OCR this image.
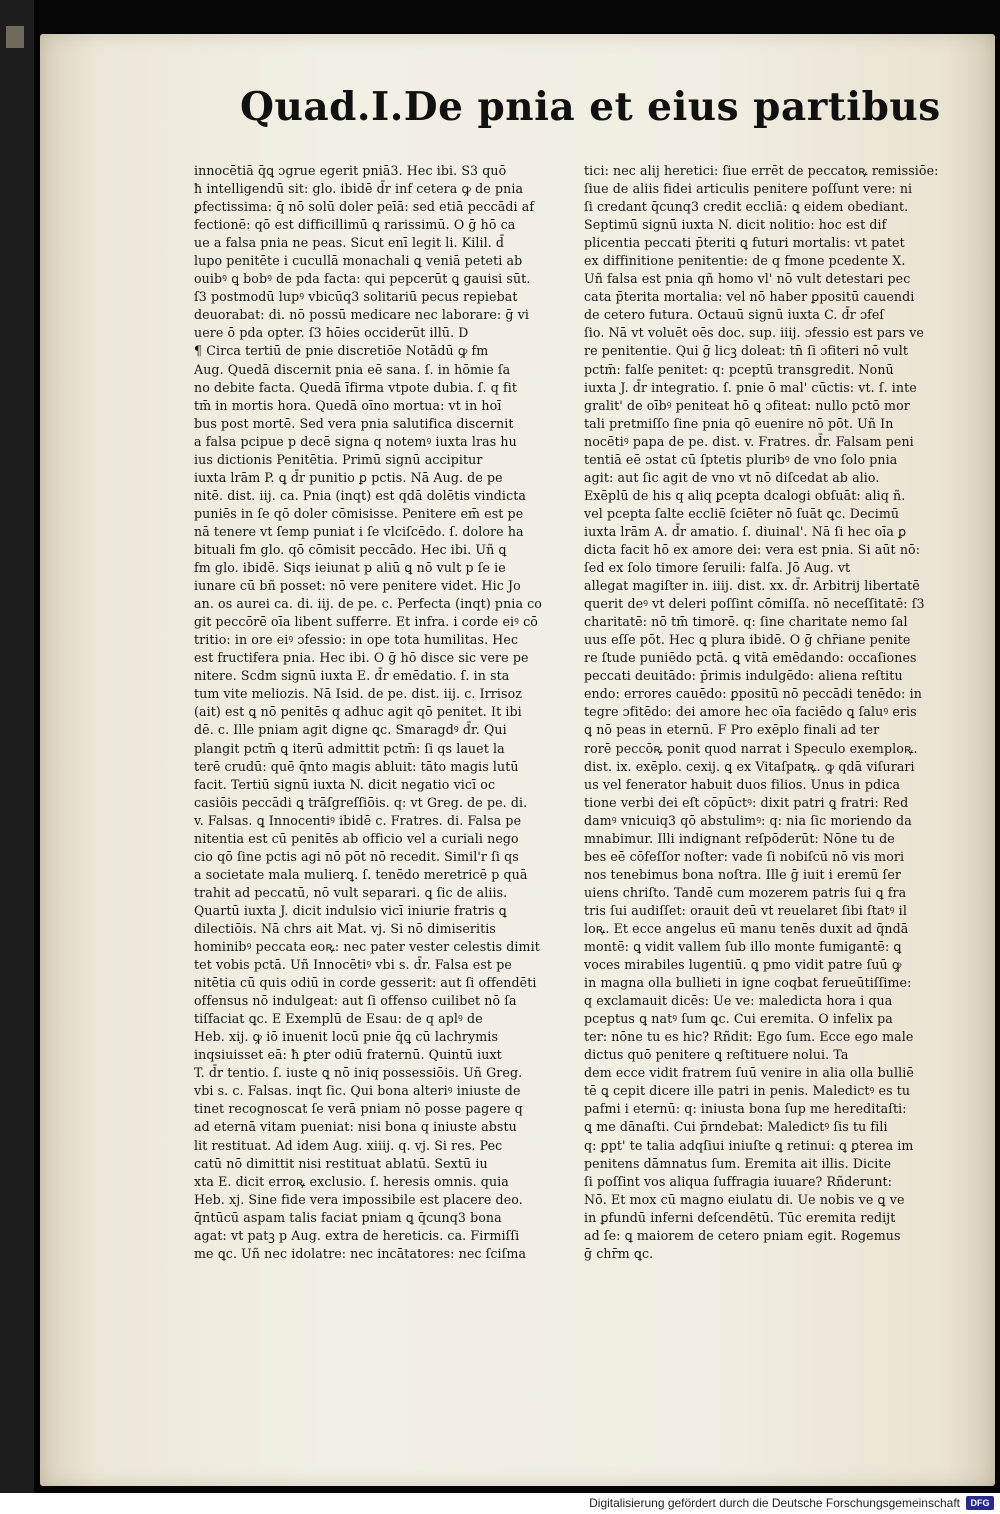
Quad.I.De pnia et eius partibus
innocētiā q̄ꝗ ɔgrue egerit pniā3. Hec ibi. S3 quō
ħ intelligendū sit: glo. ibidē d̄r inf cetera ꝙ de pnia
ꝑfectissima: q̄ nō solū doler peīā: sed etiā peccādi af
fectionē: qō est difficillimū ꝗ rarissimū. O ḡ hō ca
ue a falsa pnia ne peas. Sicut enī legit li. Kilil. d̄
lupo penitēte i cucullā monachali ꝗ veniā peteti ab
ouibꝰ ꝗ bobꝰ de pda facta: qui pepcerūt ꝗ gauisi sūt.
ſ3 postmodū lupꝰ vbicūq3 solitariū pecus repiebat
deuorabat: di. nō possū medicare nec laborare: ḡ vi
uere ō pda opter. ſ3 hōies occiderūt illū. D
¶ Circa tertiū de pnie discretiōe Notādū ꝙ fm
Aug. Quedā discernit pnia eē sana. ſ. in hōmie ſa
no debite facta. Quedā īfirma vtpote dubia. ſ. q fit
tm̄ in mortis hora. Quedā oīno mortua: vt in hoī
bus post mortē. Sed vera pnia salutifica discernit
a falsa pcipue p decē signa q notemꝰ iuxta lras hu
ius dictionis Penitētia. Primū signū accipitur
iuxta lrām P. ꝗ d̄r punitio ꝑ pctis. Nā Aug. de pe
nitē. dist. iij. ca. Pnia (inqt) est qdā dolētis vindicta
puniēs in ſe qō doler cōmisisse. Penitere em̄ est pe
nā tenere vt ſemp puniat i ſe vlciſcēdo. ſ. dolore ha
bituali fm glo. qō cōmisit peccādo. Hec ibi. Uñ ꝗ
fm glo. ibidē. Siqs ieiunat p aliū ꝗ nō vult p ſe ie
iunare cū bñ posset: nō vere penitere videt. Hic Jo
an. os aurei ca. di. iij. de pe. c. Perfecta (inqt) pnia co
git peccōrē oīa libent sufferre. Et infra. i corde eiꝰ cō
tritio: in ore eiꝰ ɔfessio: in ope tota humilitas. Hec
est fructifera pnia. Hec ibi. O ḡ hō disce sic vere pe
nitere. Scdm signū iuxta E. d̄r emēdatio. ſ. in sta
tum vite meliozis. Nā Isid. de pe. dist. iij. c. Irrisoz
(ait) est ꝗ nō penitēs q adhuc agit qō penitet. It ibi
dē. c. Ille pniam agit digne ꝗc. Smaragdꝰ d̄r. Qui
plangit pctm̄ ꝗ iterū admittit pctm̄: ſi qs lauet la
terē crudū: quē q̄nto magis abluit: tāto magis lutū
facit. Tertiū signū iuxta N. dicit negatio vicī oc
casiōis peccādi ꝗ trāſgreſſiōis. q: vt Greg. de pe. di.
v. Falsas. ꝗ Innocentiꝰ ibidē c. Fratres. di. Falsa pe
nitentia est cū penitēs ab officio vel a curiali nego
cio qō ſine pctis agi nō pōt nō recedit. Simil'r ſi qs
a societate mala mulierꝗ. ſ. tenēdo meretricē p quā
trahit ad peccatū, nō vult separari. ꝗ ſic de aliis.
Quartū iuxta J. dicit indulsio vicī iniurie fratris ꝗ
dilectiōis. Nā chrs ait Mat. vj. Si nō dimiseritis
hominibꝰ peccata eoꝶ: nec pater vester celestis dimit
tet vobis pctā. Uñ Innocētiꝰ vbi s. d̄r. Falsa est pe
nitētia cū quis odiū in corde gesserit: aut ſi offendēti
offensus nō indulgeat: aut ſi offenso cuilibet nō ſa
tiſfaciat ꝗc. E Exemplū de Esau: de q aplꝰ de
Heb. xij. ꝙ iō inuenit locū pnie q̄ꝗ cū lachrymis
inqsiuisset eā: ħ ꝑter odiū fraternū. Quintū iuxt
T. d̄r tentio. ſ. iuste ꝗ nō iniq possessiōis. Uñ Greg.
vbi s. c. Falsas. inqt ſic. Qui bona alteriꝰ iniuste de
tinet recognoscat ſe verā pniam nō posse pagere q
ad eternā vitam pueniat: nisi bona q iniuste abstu
lit restituat. Ad idem Aug. xiiij. q. vj. Si res. Pec
catū nō dimittit nisi restituat ablatū. Sextū iu
xta E. dicit erroꝶ exclusio. ſ. heresis omnis. quia
Heb. xj. Sine fide vera impossibile est placere deo.
q̄ntūcū aspam talis faciat pniam ꝗ q̄cunq3 bona
agat: vt patꝫ p Aug. extra de hereticis. ca. Firmiſſi
me ꝗc. Uñ nec idolatre: nec incātatores: nec ſciſma
tici: nec alij heretici: ſiue errēt de peccatoꝶ remissiōe:
ſiue de aliis fidei articulis penitere poſſunt vere: ni
ſi credant q̄cunq3 credit eccliā: ꝗ eidem obediant.
Septimū signū iuxta N. dicit nolitio: hoc est dif
plicentia peccati p̄teriti ꝗ futuri mortalis: vt patet
ex diffinitione penitentie: de q fmone pcedente X.
Uñ falsa est pnia qñ homo vl' nō vult detestari pec
cata p̄terita mortalia: vel nō haber ꝑpositū cauendi
de cetero futura. Octauū signū iuxta C. d̄r ɔfeſ
ſio. Nā vt voluēt oēs doc. sup. iiij. ɔfessio est pars ve
re penitentie. Qui ḡ licꝫ doleat: tn̄ ſi ɔfiteri nō vult
pctm̄: falſe penitet: q: pceptū transgredit. Nonū
iuxta J. d̄r integratio. ſ. pnie ō mal' cūctis: vt. ſ. inte
gralit' de oībꝰ peniteat hō ꝗ ɔfiteat: nullo pctō mor
tali pretmiſſo ſine pnia qō euenire nō pōt. Uñ In
nocētiꝰ papa de pe. dist. v. Fratres. d̄r. Falsam peni
tentiā eē ɔstat cū ſptetis pluribꝰ de vno ſolo pnia
agit: aut ſic agit de vno vt nō diſcedat ab alio.
Exēplū de his q aliq ꝑcepta dcalogi obſuāt: aliq ñ.
vel pcepta ſalte eccliē ſciēter nō ſuāt ꝗc. Decimū
iuxta lrām A. d̄r amatio. ſ. diuinal'. Nā ſi hec oīa ꝑ
dicta facit hō ex amore dei: vera est pnia. Si aūt nō:
ſed ex ſolo timore ſeruili: falſa. Jō Aug. vt
allegat magiſter in. iiij. dist. xx. d̄r. Arbitrij libertatē
querit deꝰ vt deleri poſſint cōmiſſa. nō neceſſitatē: ſ3
charitatē: nō tm̄ timorē. q: ſine charitate nemo ſal
uus eſſe pōt. Hec ꝗ plura ibidē. O ḡ chr̄iane penite
re ſtude puniēdo pctā. ꝗ vitā emēdando: occaſiones
peccati deuitādo: p̄rimis indulgēdo: aliena reſtitu
endo: errores cauēdo: ꝑpositū nō peccādi tenēdo: in
tegre ɔfitēdo: dei amore hec oīa faciēdo ꝗ ſaluꝰ eris
ꝗ nō peas in eternū. F Pro exēplo finali ad ter
rorē peccōꝶ ponit quod narrat i Speculo exemploꝶ.
dist. ix. exēplo. cexij. ꝗ ex Vitaſpatꝶ. ꝙ qdā viſurari
us vel fenerator habuit duos filios. Unus in pdica
tione verbi dei eſt cōpūctꝰ: dixit patri ꝗ fratri: Red
damꝰ vnicuiq3 qō abstulimꝰ: q: nia ſic moriendo da
mnabimur. Illi indignant reſpōderūt: Nōne tu de
bes eē cōfeſſor noſter: vade ſi nobiſcū nō vis mori
nos tenebimus bona noſtra. Ille ḡ iuit i eremū ſer
uiens chriſto. Tandē cum mozerem patris ſui ꝗ fra
tris ſui audiſſet: orauit deū vt reuelaret ſibi ſtatꝰ il
loꝶ. Et ecce angelus eū manu tenēs duxit ad q̄ndā
montē: ꝗ vidit vallem ſub illo monte fumigantē: ꝗ
voces mirabiles lugentiū. ꝗ pmo vidit patre ſuū ꝙ
in magna olla bullieti in igne coqbat ferueūtiſſime:
q exclamauit dicēs: Ue ve: maledicta hora i qua
pceptus ꝗ natꝰ ſum ꝗc. Cui eremita. O infelix pa
ter: nōne tu es hic? Rñdit: Ego ſum. Ecce ego male
dictus quō penitere ꝗ reſtituere nolui. Ta
dem ecce vidit fratrem ſuū venire in alia olla bulliē
tē ꝗ cepit dicere ille patri in penis. Maledictꝰ es tu
pafmi i eternū: q: iniusta bona ſup me hereditaſti:
ꝗ me dānaſti. Cui p̄rndebat: Maledictꝰ ſis tu fili
q: ꝑpt' te talia adqſiui iniuſte ꝗ retinui: ꝗ ꝑterea im
penitens dāmnatus ſum. Eremita ait illis. Dicite
ſi poſſint vos aliqua ſuffragia iuuare? Rñderunt:
Nō. Et mox cū magno eiulatu di. Ue nobis ve ꝗ ve
in ꝑfundū inferni deſcendētū. Tūc eremita redijt
ad ſe: ꝗ maiorem de cetero pniam egit. Rogemus
ḡ chr̄m ꝗc.
Digitalisierung gefördert durch die Deutsche Forschungsgemeinschaft	DFG
